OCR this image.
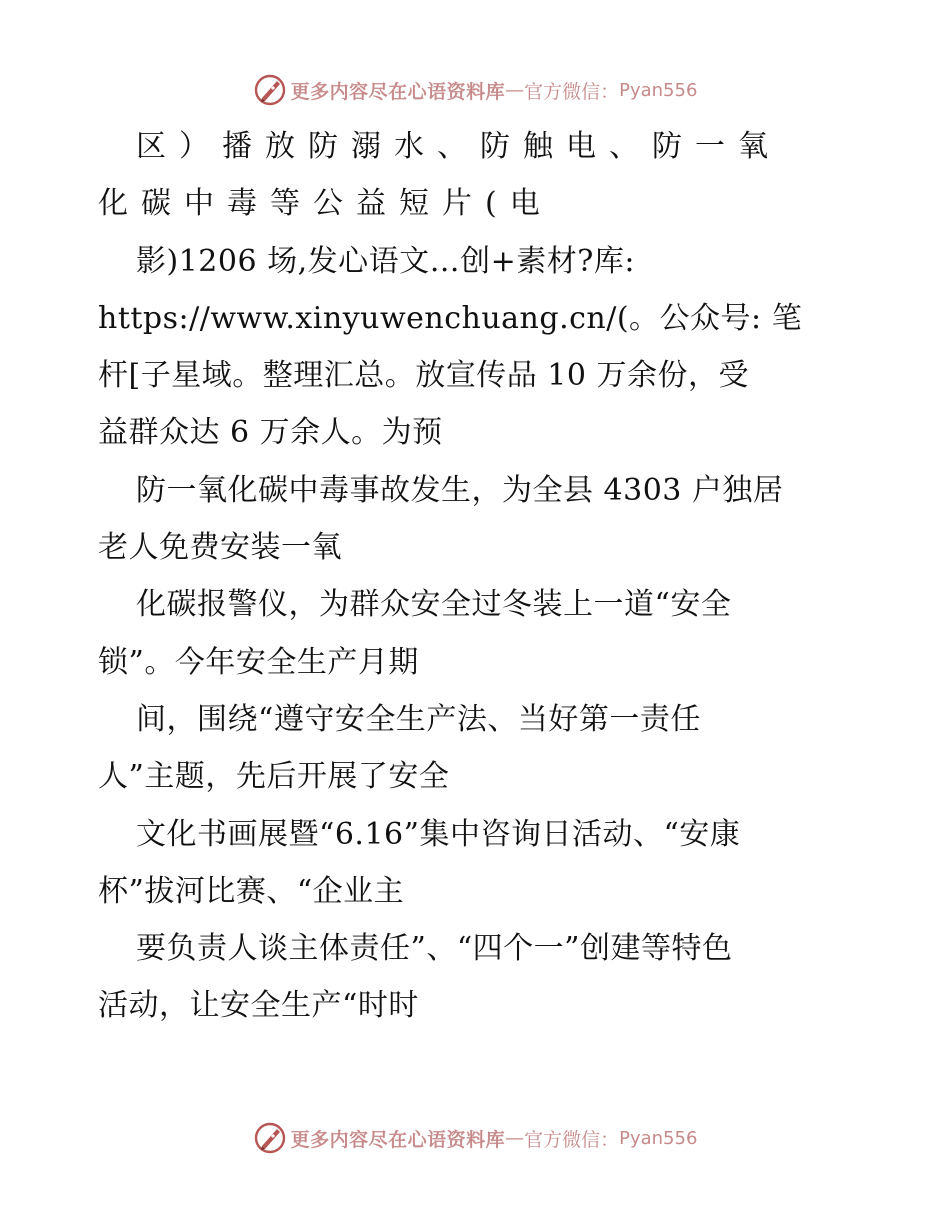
更多内容尽在心语资料库 — 官方微信： Pyan556
区）播放防溺水、防触电、防一氧
化碳中毒等公益短片(电
影)1206 场,发心语文…创+素材?库:
https://www.xinyuwenchuang.cn/(。公众号: 笔
杆[子星域。整理汇总。放宣传品 10 万余份，受
益群众达 6 万余人。为预
防一氧化碳中毒事故发生，为全县 4303 户独居
老人免费安装一氧
化碳报警仪，为群众安全过冬装上一道“安全
锁”。今年安全生产月期
间，围绕“遵守安全生产法、当好第一责任
人”主题，先后开展了安全
文化书画展暨“6.16”集中咨询日活动、“安康
杯”拔河比赛、“企业主
要负责人谈主体责任”、“四个一”创建等特色
活动，让安全生产“时时
更多内容尽在心语资料库 — 官方微信： Pyan556
